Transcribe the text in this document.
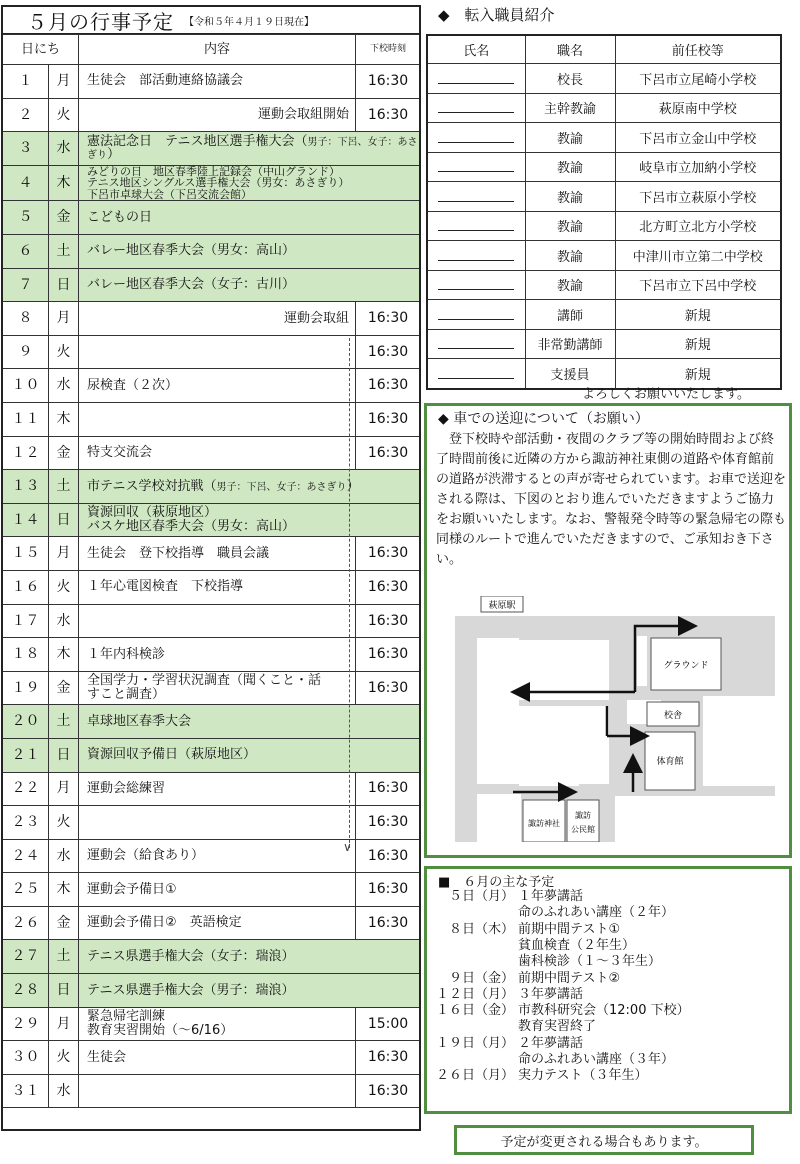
５月の行事予定	【令和５年４月１９日現在】
日にち		内容	下校時刻
１	月	生徒会　部活動連絡協議会	16:30
２	火	運動会取組開始	16:30
３	水	憲法記念日　テニス地区選手権大会（男子：下呂、女子：あさぎり）	
４	木	みどりの日　地区春季陸上記録会（中山グランド）
テニス地区シングルス選手権大会（男女：あさぎり）
下呂市卓球大会（下呂交流会館）	
５	金	こどもの日	
６	土	バレー地区春季大会（男女：高山）	
７	日	バレー地区春季大会（女子：古川）	
８	月	運動会取組	16:30
９	火		16:30
１０	水	尿検査（２次）	16:30
１１	木		16:30
１２	金	特支交流会	16:30
１３	土	市テニス学校対抗戦（男子：下呂、女子：あさぎり）	
１４	日	資源回収（萩原地区）
バスケ地区春季大会（男女：高山）	
１５	月	生徒会　登下校指導　職員会議	16:30
１６	火	１年心電図検査　下校指導	16:30
１７	水		16:30
１８	木	１年内科検診	16:30
１９	金	全国学力・学習状況調査（聞くこと・話
すこと調査）	16:30
２０	土	卓球地区春季大会	
２１	日	資源回収予備日（萩原地区）	
２２	月	運動会総練習	16:30
２３	火		16:30
２４	水	運動会（給食あり）	16:30
２５	木	運動会予備日①	16:30
２６	金	運動会予備日②　英語検定	16:30
２７	土	テニス県選手権大会（女子：瑞浪）	
２８	日	テニス県選手権大会（男子：瑞浪）	
２９	月	緊急帰宅訓練
教育実習開始（～6/16）	15:00
３０	火	生徒会	16:30
３１	水		16:30
∨
◆　転入職員紹介
氏名	職名	前任校等
	校長	下呂市立尾崎小学校
	主幹教諭	萩原南中学校
	教諭	下呂市立金山中学校
	教諭	岐阜市立加納小学校
	教諭	下呂市立萩原小学校
	教諭	北方町立北方小学校
	教諭	中津川市立第二中学校
	教諭	下呂市立下呂中学校
	講師	新規
	非常勤講師	新規
	支援員	新規
よろしくお願いいたします。
◆ 車での送迎について（お願い）
登下校時や部活動・夜間のクラブ等の開始時間および終了時間前後に近隣の方から諏訪神社東側の道路や体育館前の道路が渋滞するとの声が寄せられています。お車で送迎をされる際は、下図のとおり進んでいただきますようご協力をお願いいたします。なお、警報発令時等の緊急帰宅の際も同様のルートで進んでいただきますので、ご承知おき下さい。
萩原駅
グラウンド
校舎
体育館
諏訪神社
諏訪
公民館
■　６月の主な予定
５日（月） １年夢講話
命のふれあい講座（２年）
８日（木） 前期中間テスト①
貧血検査（２年生）
歯科検診（１～３年生）
９日（金） 前期中間テスト②
１２日（月） ３年夢講話
１６日（金） 市教科研究会（12:00 下校）
教育実習終了
１９日（月） ２年夢講話
命のふれあい講座（３年）
２６日（月） 実力テスト（３年生）
予定が変更される場合もあります。
